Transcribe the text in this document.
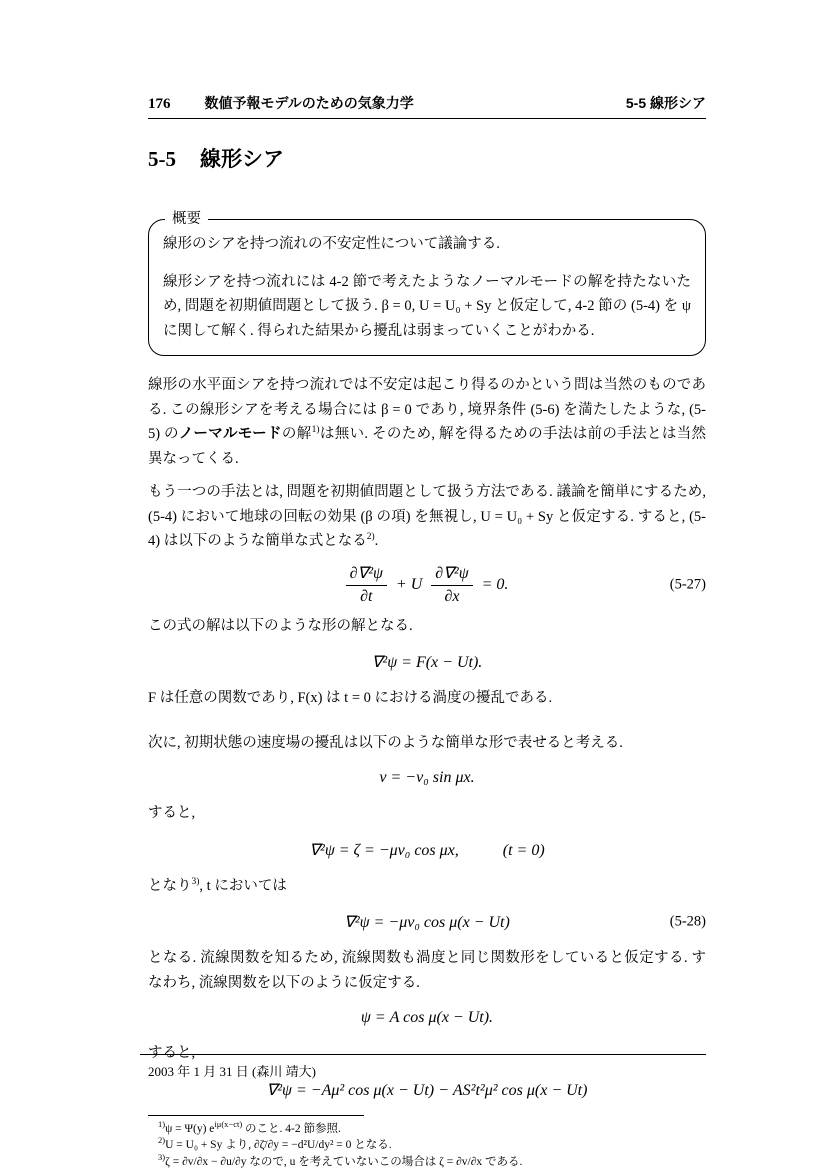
176 数値予報モデルのための気象力学	5-5 線形シア
5-5 線形シア
概要

線形のシアを持つ流れの不安定性について議論する.

線形シアを持つ流れには 4-2 節で考えたようなノーマルモードの解を持たないため, 問題を初期値問題として扱う. β = 0, U = U₀ + Sy と仮定して, 4-2 節の (5-4) を ψ に関して解く. 得られた結果から擾乱は弱まっていくことがわかる.

線形の水平面シアを持つ流れでは不安定は起こり得るのかという問は当然のものである. この線形シアを考える場合には β = 0 であり, 境界条件 (5-6) を満たしたような, (5-5) のノーマルモードの解$^{1)}$は無い. そのため, 解を得るための手法は前の手法とは当然異なってくる.

もう一つの手法とは, 問題を初期値問題として扱う方法である. 議論を簡単にするため, (5-4) において地球の回転の効果 (β の項) を無視し, U = U₀ + Sy と仮定する. すると, (5-4) は以下のような簡単な式となる$^{2)}$.

$\frac{\text{∂∇²ψ}}{\partial t} + U \frac{\text{∂∇²ψ}}{\partial x} = 0$.	(5-27)

この式の解は以下のような形の解となる.

∇²ψ = F(x − Ut).

F は任意の関数であり, F(x) は t = 0 における渦度の擾乱である.

次に, 初期状態の速度場の擾乱は以下のような簡単な形で表せると考える.

v = −v₀ sin μx.

すると,

∇²ψ = ζ = −μv₀ cos μx,	(t = 0)

となり$^{3)}$, t においては

∇²ψ = −μv₀ cos μ(x − Ut)	(5-28)

となる. 流線関数を知るため, 流線関数も渦度と同じ関数形をしていると仮定する. すなわち, 流線関数を以下のように仮定する.

ψ = A cos μ(x − Ut).

すると,

∇²ψ = −Aμ² cos μ(x − Ut) − AS²t²μ² cos μ(x − Ut)

$^{1)}$ψ = Ψ(y) $e^{i\mu(x-ct)}$ のこと. 4-2 節参照.

$^{2)}$U = U₀ + Sy より, ∂ζ̄/∂y = −d²U/dy² = 0 となる.

$^{3)}$ζ = ∂v/∂x − ∂u/∂y なので, u を考えていないこの場合は ζ = ∂v/∂x である.

2003 年 1 月 31 日 (森川 靖大)
